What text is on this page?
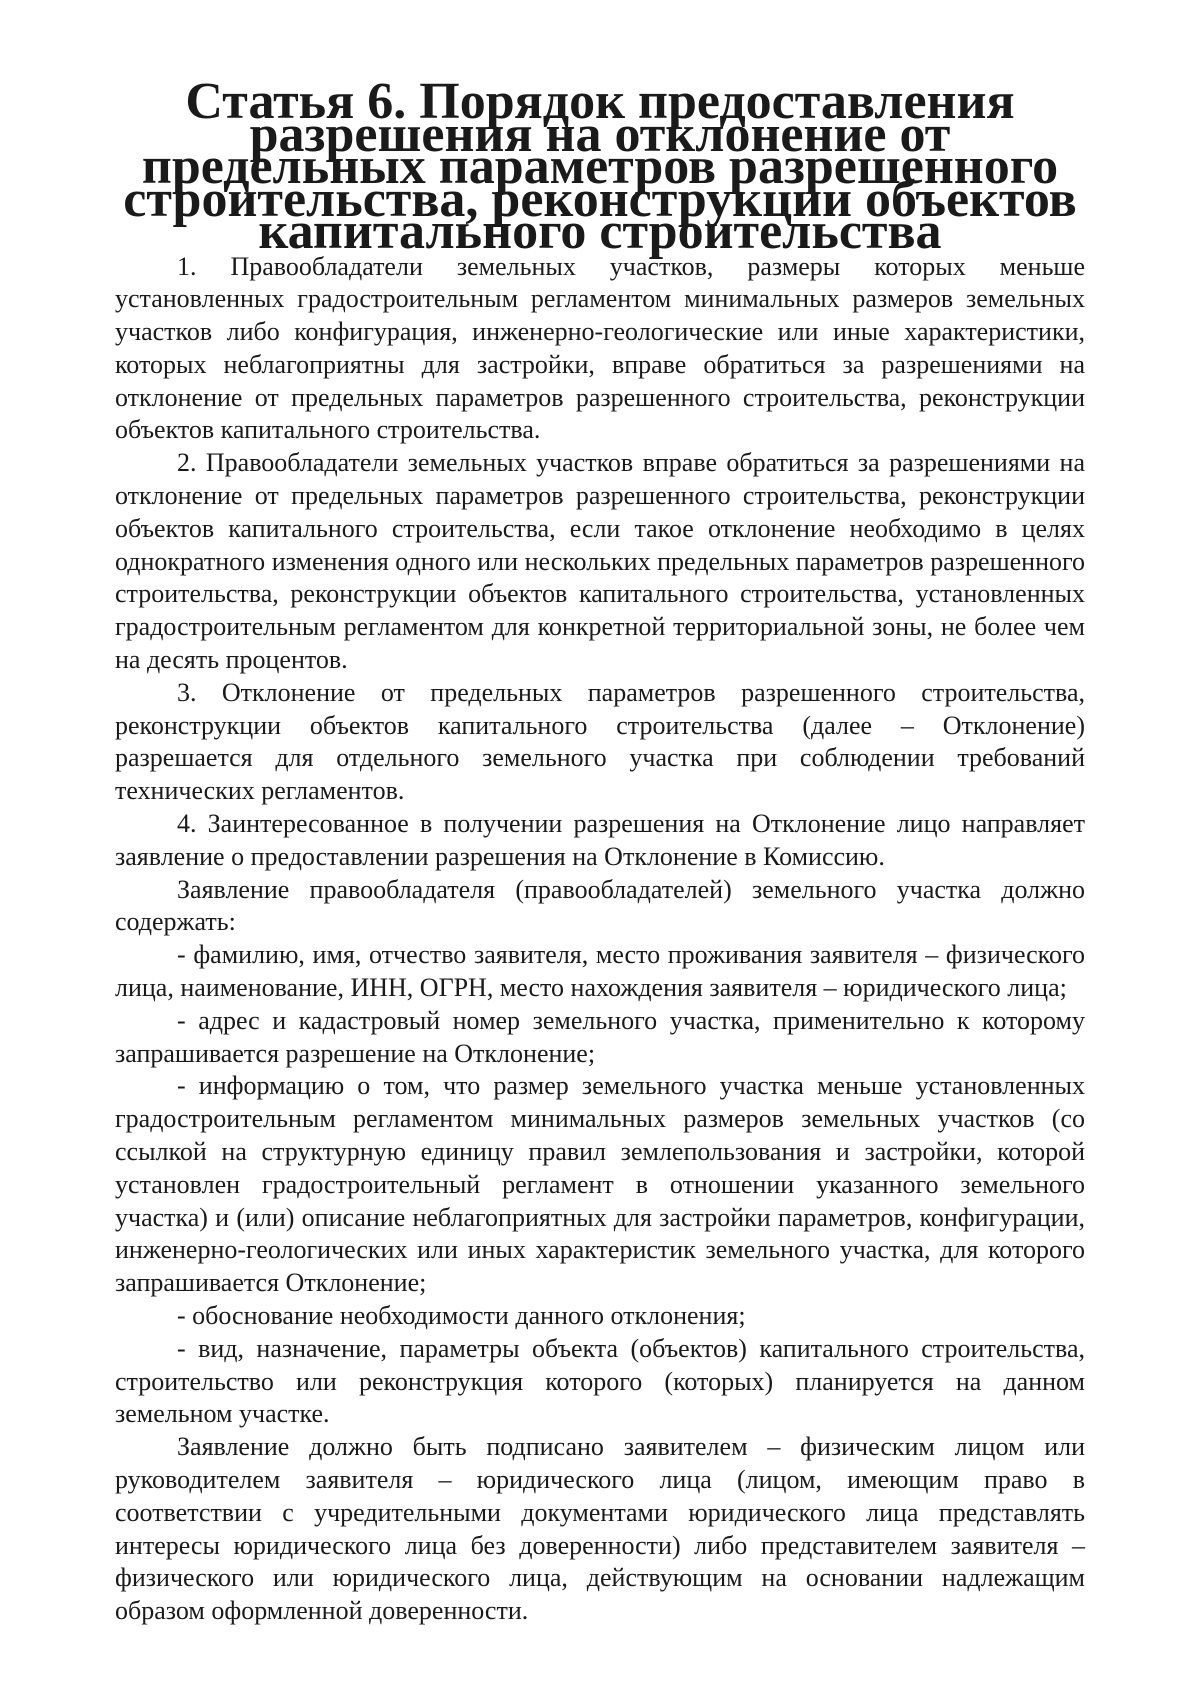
Статья 6. Порядок предоставления разрешения на отклонение от предельных параметров разрешенного строительства, реконструкции объектов капитального строительства

1. Правообладатели земельных участков, размеры которых меньше установленных градостроительным регламентом минимальных размеров земельных участков либо конфигурация, инженерно-геологические или иные характеристики, которых неблагоприятны для застройки, вправе обратиться за разрешениями на отклонение от предельных параметров разрешенного строительства, реконструкции объектов капитального строительства.

2. Правообладатели земельных участков вправе обратиться за разрешениями на отклонение от предельных параметров разрешенного строительства, реконструкции объектов капитального строительства, если такое отклонение необходимо в целях однократного изменения одного или нескольких предельных параметров разрешенного строительства, реконструкции объектов капитального строительства, установленных градостроительным регламентом для конкретной территориальной зоны, не более чем на десять процентов.

3. Отклонение от предельных параметров разрешенного строительства, реконструкции объектов капитального строительства (далее – Отклонение) разрешается для отдельного земельного участка при соблюдении требований технических регламентов.

4. Заинтересованное в получении разрешения на Отклонение лицо направляет заявление о предоставлении разрешения на Отклонение в Комиссию.

Заявление правообладателя (правообладателей) земельного участка должно содержать:

- фамилию, имя, отчество заявителя, место проживания заявителя – физического лица, наименование, ИНН, ОГРН, место нахождения заявителя – юридического лица;

- адрес и кадастровый номер земельного участка, применительно к которому запрашивается разрешение на Отклонение;

- информацию о том, что размер земельного участка меньше установленных градостроительным регламентом минимальных размеров земельных участков (со ссылкой на структурную единицу правил землепользования и застройки, которой установлен градостроительный регламент в отношении указанного земельного участка) и (или) описание неблагоприятных для застройки параметров, конфигурации, инженерно-геологических или иных характеристик земельного участка, для которого запрашивается Отклонение;

- обоснование необходимости данного отклонения;

- вид, назначение, параметры объекта (объектов) капитального строительства, строительство или реконструкция которого (которых) планируется на данном земельном участке.

Заявление должно быть подписано заявителем – физическим лицом или руководителем заявителя – юридического лица (лицом, имеющим право в соответствии с учредительными документами юридического лица представлять интересы юридического лица без доверенности) либо представителем заявителя – физического или юридического лица, действующим на основании надлежащим образом оформленной доверенности.
